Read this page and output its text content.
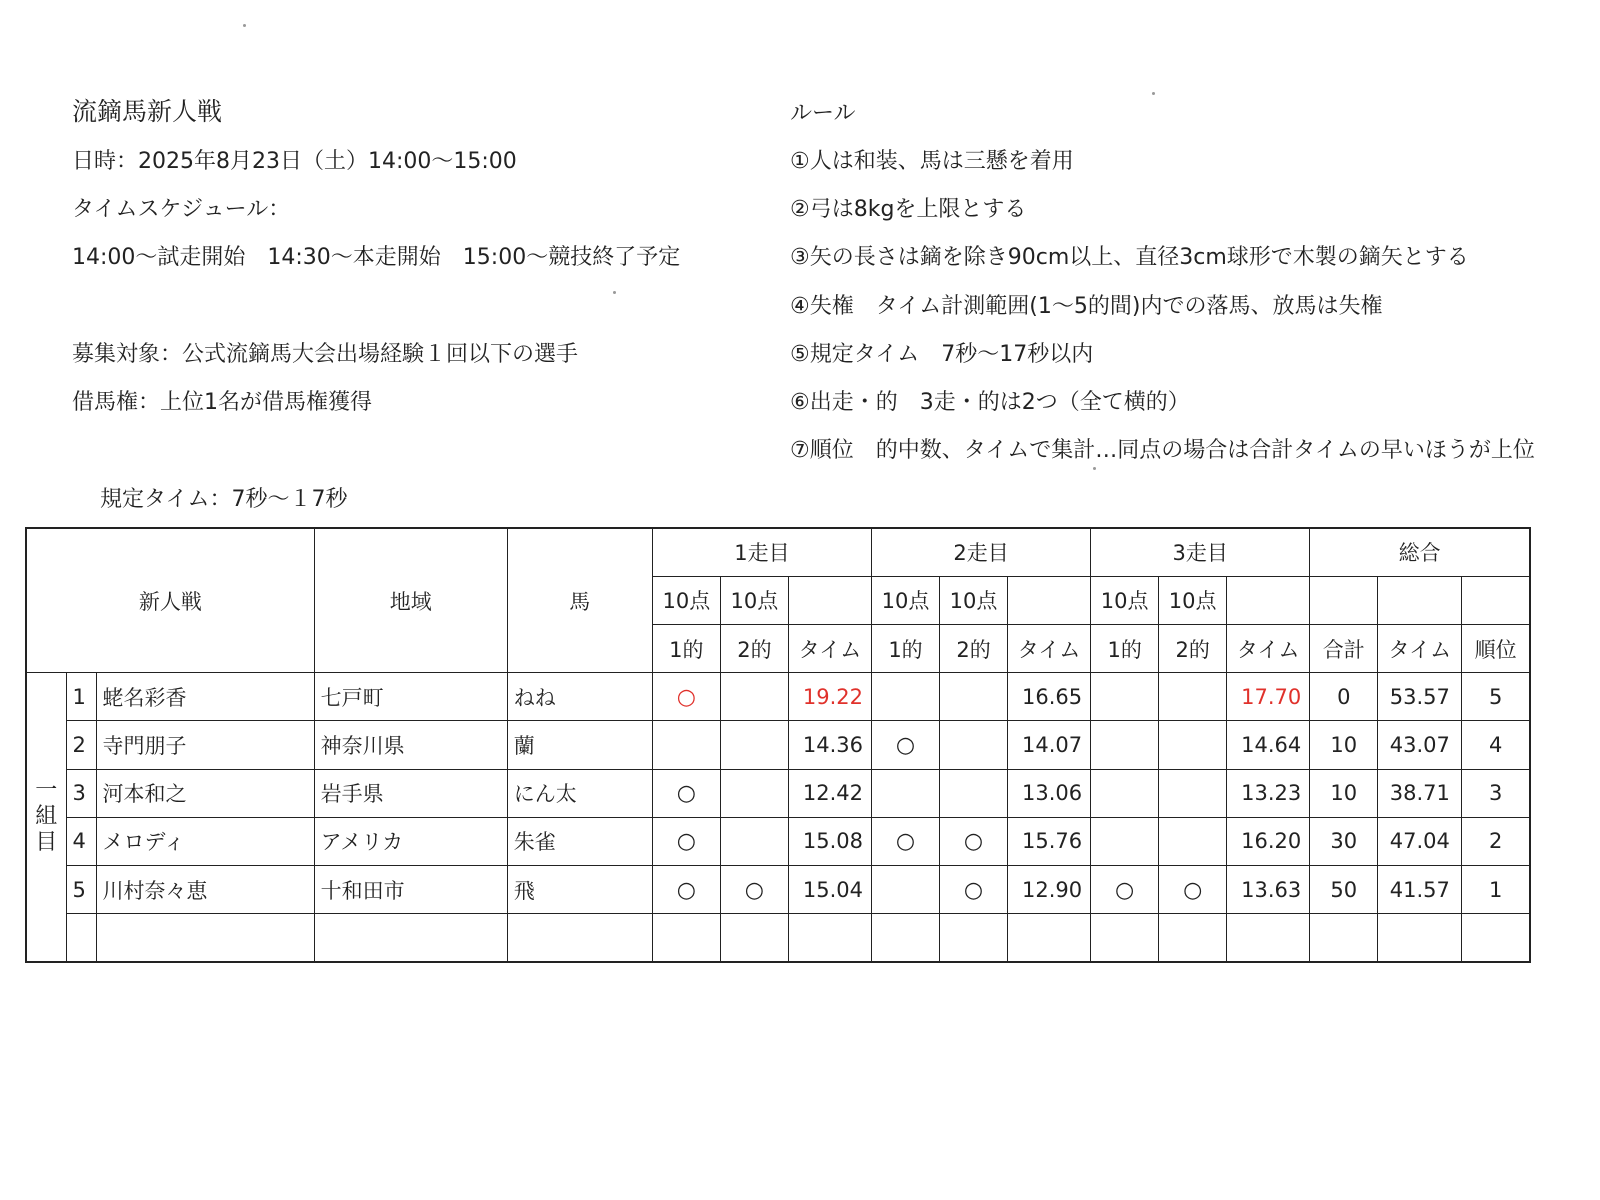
流鏑馬新人戦
日時：2025年8月23日（土）14:00～15:00
タイムスケジュール：
14:00～試走開始　14:30～本走開始　15:00～競技終了予定
募集対象：公式流鏑馬大会出場経験１回以下の選手
借馬権：上位1名が借馬権獲得
ルール
①人は和装、馬は三懸を着用
②弓は8kgを上限とする
③矢の長さは鏑を除き90cm以上、直径3cm球形で木製の鏑矢とする
④失権　タイム計測範囲(1～5的間)内での落馬、放馬は失権
⑤規定タイム　7秒～17秒以内
⑥出走・的　3走・的は2つ（全て横的）
⑦順位　的中数、タイムで集計…同点の場合は合計タイムの早いほうが上位
規定タイム：7秒～１7秒
新人戦			地域	馬	1走目			2走目			3走目			総合		
					10点	10点		10点	10点		10点	10点				
					1的	2的	タイム	1的	2的	タイム	1的	2的	タイム	合計	タイム	順位

一
組
目	1	蛯名彩香	七戸町	ねね	○		19.22			16.65			17.70	0	53.57	5
	2	寺門朋子	神奈川県	蘭			14.36	○		14.07			14.64	10	43.07	4
	3	河本和之	岩手県	にん太	○		12.42			13.06			13.23	10	38.71	3
	4	メロディ	アメリカ	朱雀	○		15.08	○	○	15.76			16.20	30	47.04	2
	5	川村奈々恵	十和田市	飛	○	○	15.04		○	12.90	○	○	13.63	50	41.57	1
